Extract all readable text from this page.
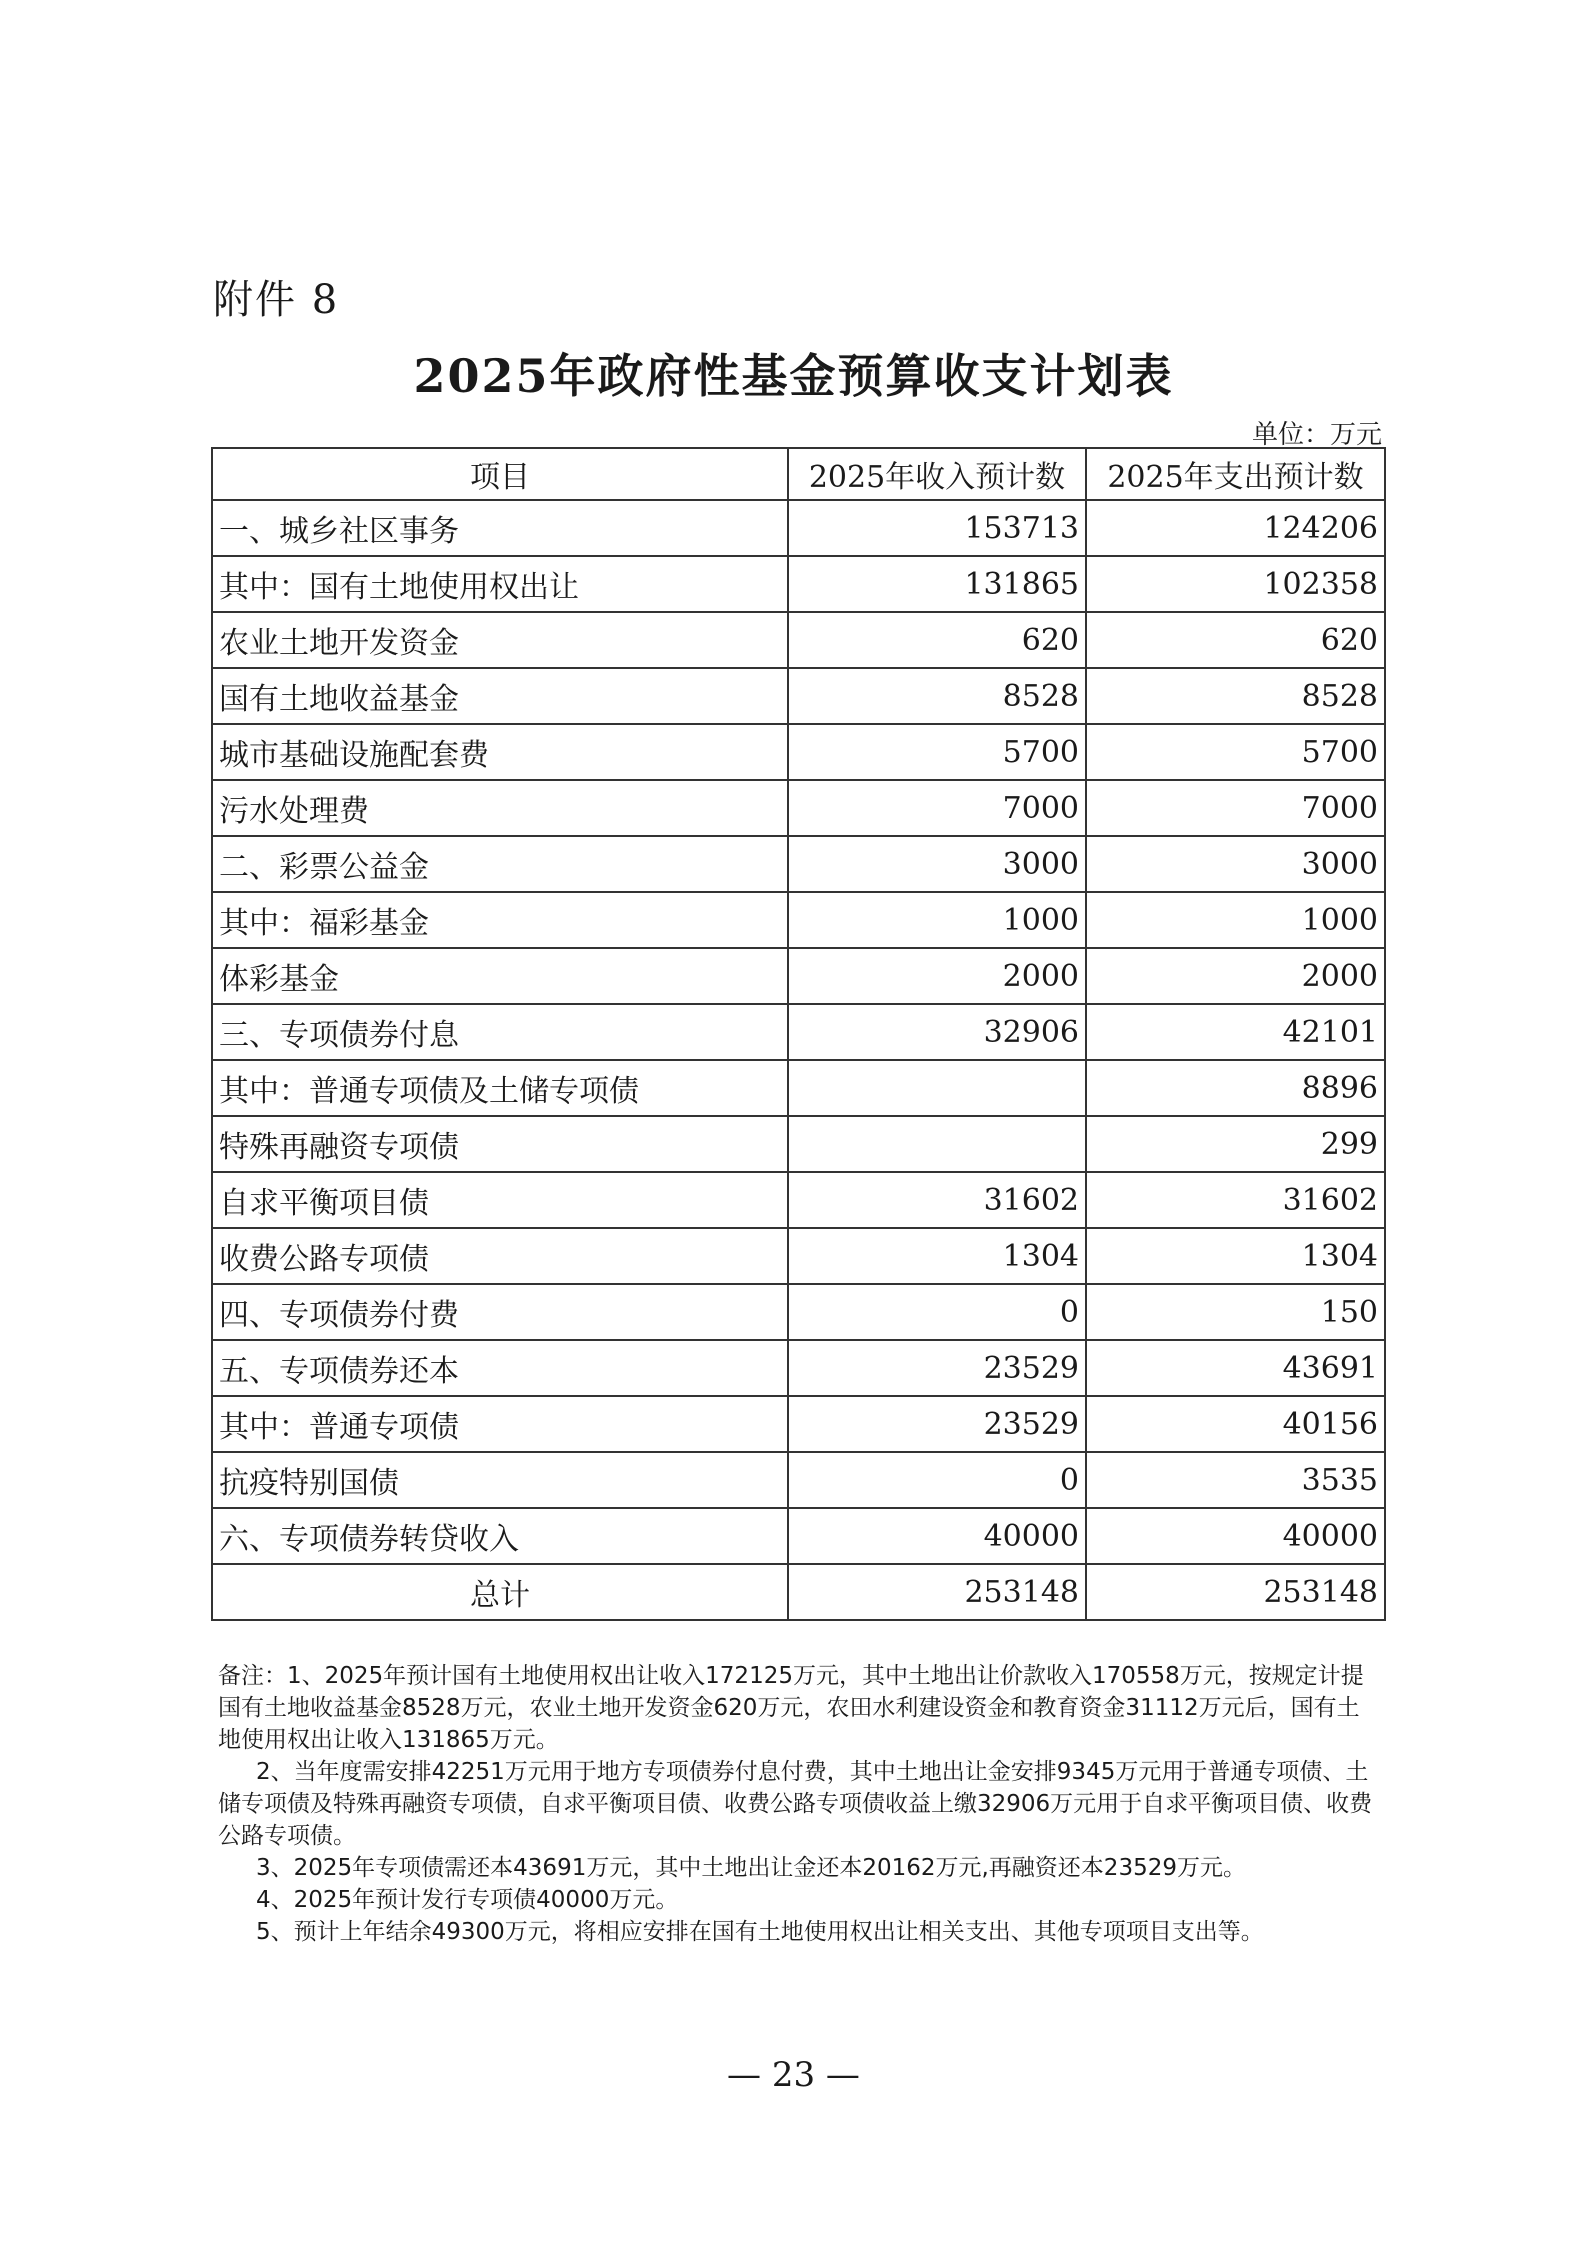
附件 8
2025年政府性基金预算收支计划表
单位：万元
项目	2025年收入预计数	2025年支出预计数
一、城乡社区事务	153713	124206
其中：国有土地使用权出让	131865	102358
农业土地开发资金	620	620
国有土地收益基金	8528	8528
城市基础设施配套费	5700	5700
污水处理费	7000	7000
二、彩票公益金	3000	3000
其中：福彩基金	1000	1000
体彩基金	2000	2000
三、专项债券付息	32906	42101
其中：普通专项债及土储专项债		8896
特殊再融资专项债		299
自求平衡项目债	31602	31602
收费公路专项债	1304	1304
四、专项债券付费	0	150
五、专项债券还本	23529	43691
其中：普通专项债	23529	40156
抗疫特别国债	0	3535
六、专项债券转贷收入	40000	40000
总计	253148	253148

备注：1、2025年预计国有土地使用权出让收入172125万元，其中土地出让价款收入170558万元，按规定计提国有土地收益基金8528万元，农业土地开发资金620万元，农田水利建设资金和教育资金31112万元后，国有土地使用权出让收入131865万元。

2、当年度需安排42251万元用于地方专项债券付息付费，其中土地出让金安排9345万元用于普通专项债、土储专项债及特殊再融资专项债，自求平衡项目债、收费公路专项债收益上缴32906万元用于自求平衡项目债、收费公路专项债。

3、2025年专项债需还本43691万元，其中土地出让金还本20162万元,再融资还本23529万元。

4、2025年预计发行专项债40000万元。

5、预计上年结余49300万元，将相应安排在国有土地使用权出让相关支出、其他专项项目支出等。

— 23 —
